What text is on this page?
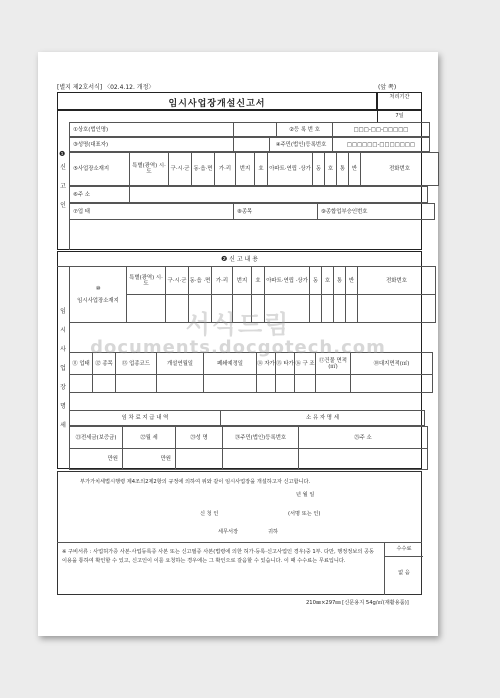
[별지 제2호서식] 〈02.4.12. 개정〉	(앞 쪽)
임시사업장개설신고서
처리기간
7일
❶
신
고
인
①상호(법인명)		②등 록 번 호	□□□-□□-□□□□□
③성명(대표자)		④주민(법인)등록번호	□□□□□□-□□□□□□□
⑤사업장소재지	특별(광역) 시·도	구·시·군	동·읍·면	가·리	번지	호	아파트·연립 ·상가	동	호	통	반	전화번호
⑥주 소	
⑦업 태	⑧종목	⑨종합업부승인번호
❷ 신 고 내 용
임
시
사
업
장
명
세
⑩

임시사업장소재지	특별(광역) 시·도	구·시·군	동·읍 ·면	가·리	번지	호	아파트·연립 ·상가	동	호	통	반	전화번호

⑪ 업태	⑫ 종목	⑬ 업종코드	개설연월일	폐쇄예정일	⑭ 자가	⑮ 타가	⑯ 구 조	⑰건물 면적(㎡)	⑱대지면적(㎡)

임 차 료 지 급 내 역	소 유 자 명 세
㉑전세금(보증금)	㉒월 세	㉓성 명	㉔주민(법인)등록번호	㉕주 소
만원	만원			
서식드림
documents.docgotech.com
부가가치세법시행령 제4조의2제2항의 규정에 의하여 위와 같이 임시사업장을 개설하고자 신고합니다.
년 월 일
신 청 인	(서명 또는 인)
세무서장	귀하
수수료
없 음
※ 구비서류 : 사업허가증 사본·사업등록증 사본 또는 신고필증 사본(법령에 의한 허가·등록·신고사업인 경우)중 1부. 다만, 행정정보의 공동이용을 통하여 확인할 수 있고, 신고인이 이를 요청하는 경우에는 그 확인으로 갈음할 수 있습니다. 이 때 수수료는 무료입니다.
210㎜×297㎜ [신문용지 54g/㎡(재활용품)]
